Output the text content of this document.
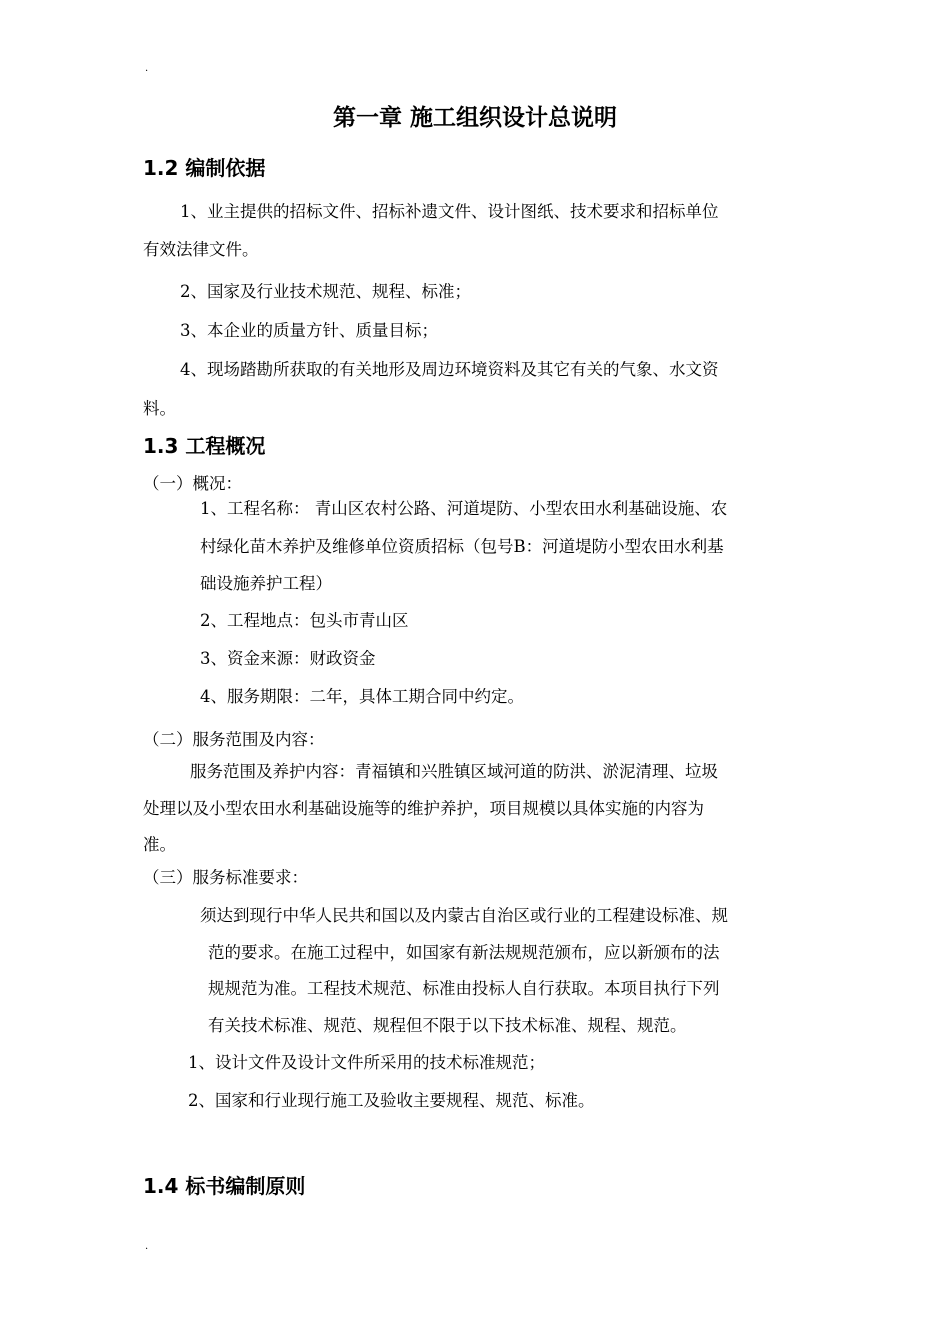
.
第一章 施工组织设计总说明
1.2 编制依据
1、业主提供的招标文件、招标补遗文件、设计图纸、技术要求和招标单位
有效法律文件。
2、国家及行业技术规范、规程、标准；
3、本企业的质量方针、质量目标；
4、现场踏勘所获取的有关地形及周边环境资料及其它有关的气象、水文资
料。
1.3 工程概况
（一）概况：
1、工程名称： 青山区农村公路、河道堤防、小型农田水利基础设施、农
村绿化苗木养护及维修单位资质招标（包号B：河道堤防小型农田水利基
础设施养护工程）
2、工程地点：包头市青山区
3、资金来源：财政资金
4、服务期限：二年，具体工期合同中约定。
（二）服务范围及内容：
服务范围及养护内容：青福镇和兴胜镇区域河道的防洪、淤泥清理、垃圾
处理以及小型农田水利基础设施等的维护养护，项目规模以具体实施的内容为
准。
（三）服务标准要求：
须达到现行中华人民共和国以及内蒙古自治区或行业的工程建设标准、规
范的要求。在施工过程中，如国家有新法规规范颁布，应以新颁布的法
规规范为准。工程技术规范、标准由投标人自行获取。本项目执行下列
有关技术标准、规范、规程但不限于以下技术标准、规程、规范。
1、设计文件及设计文件所采用的技术标准规范；
2、国家和行业现行施工及验收主要规程、规范、标准。
1.4 标书编制原则
.
